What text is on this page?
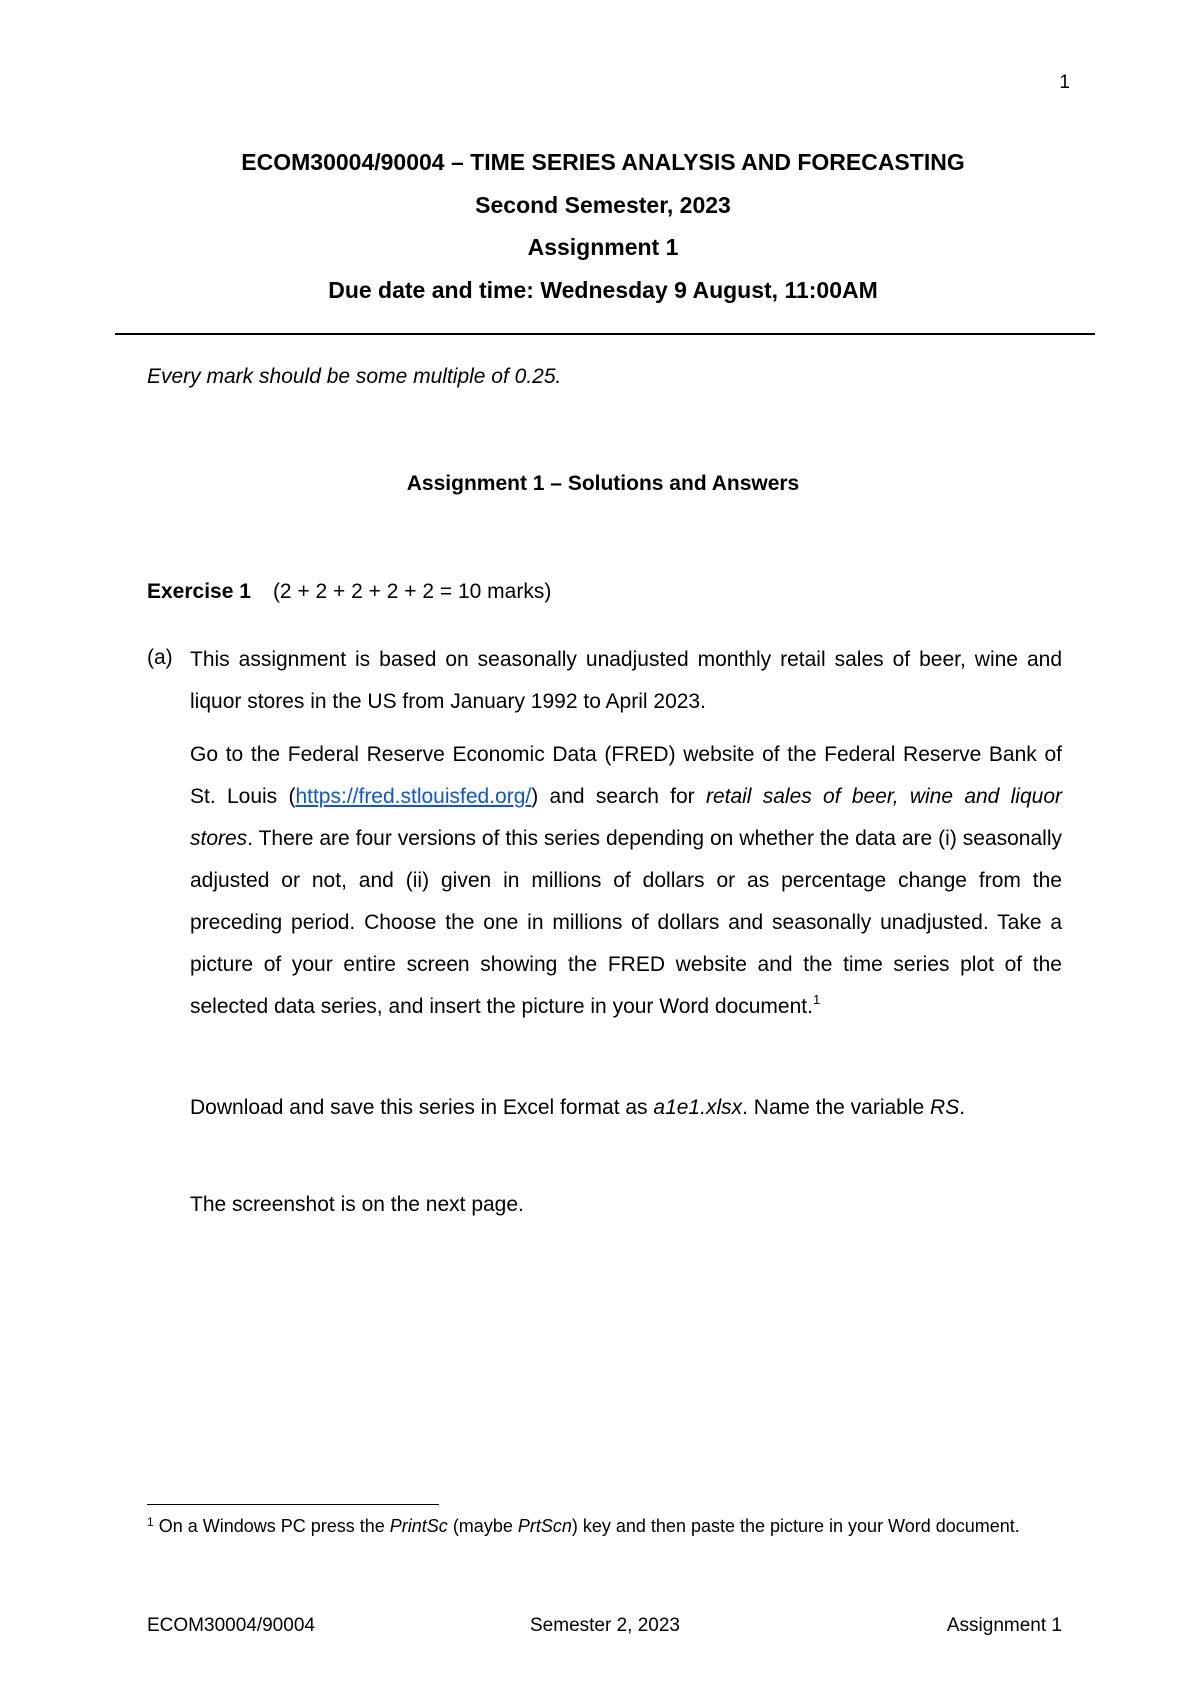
1
ECOM30004/90004 – TIME SERIES ANALYSIS AND FORECASTING
Second Semester, 2023
Assignment 1
Due date and time: Wednesday 9 August, 11:00AM
Every mark should be some multiple of 0.25.
Assignment 1 – Solutions and Answers
Exercise 1 (2 + 2 + 2 + 2 + 2 = 10 marks)
(a) This assignment is based on seasonally unadjusted monthly retail sales of beer, wine and liquor stores in the US from January 1992 to April 2023.

Go to the Federal Reserve Economic Data (FRED) website of the Federal Reserve Bank of St. Louis (https://fred.stlouisfed.org/) and search for retail sales of beer, wine and liquor stores. There are four versions of this series depending on whether the data are (i) seasonally adjusted or not, and (ii) given in millions of dollars or as percentage change from the preceding period. Choose the one in millions of dollars and seasonally unadjusted. Take a picture of your entire screen showing the FRED website and the time series plot of the selected data series, and insert the picture in your Word document.$^1$

Download and save this series in Excel format as a1e1.xlsx. Name the variable RS.

The screenshot is on the next page.

$^1$ On a Windows PC press the PrintSc (maybe PrtScn) key and then paste the picture in your Word document.
ECOM30004/90004	Semester 2, 2023	Assignment 1
